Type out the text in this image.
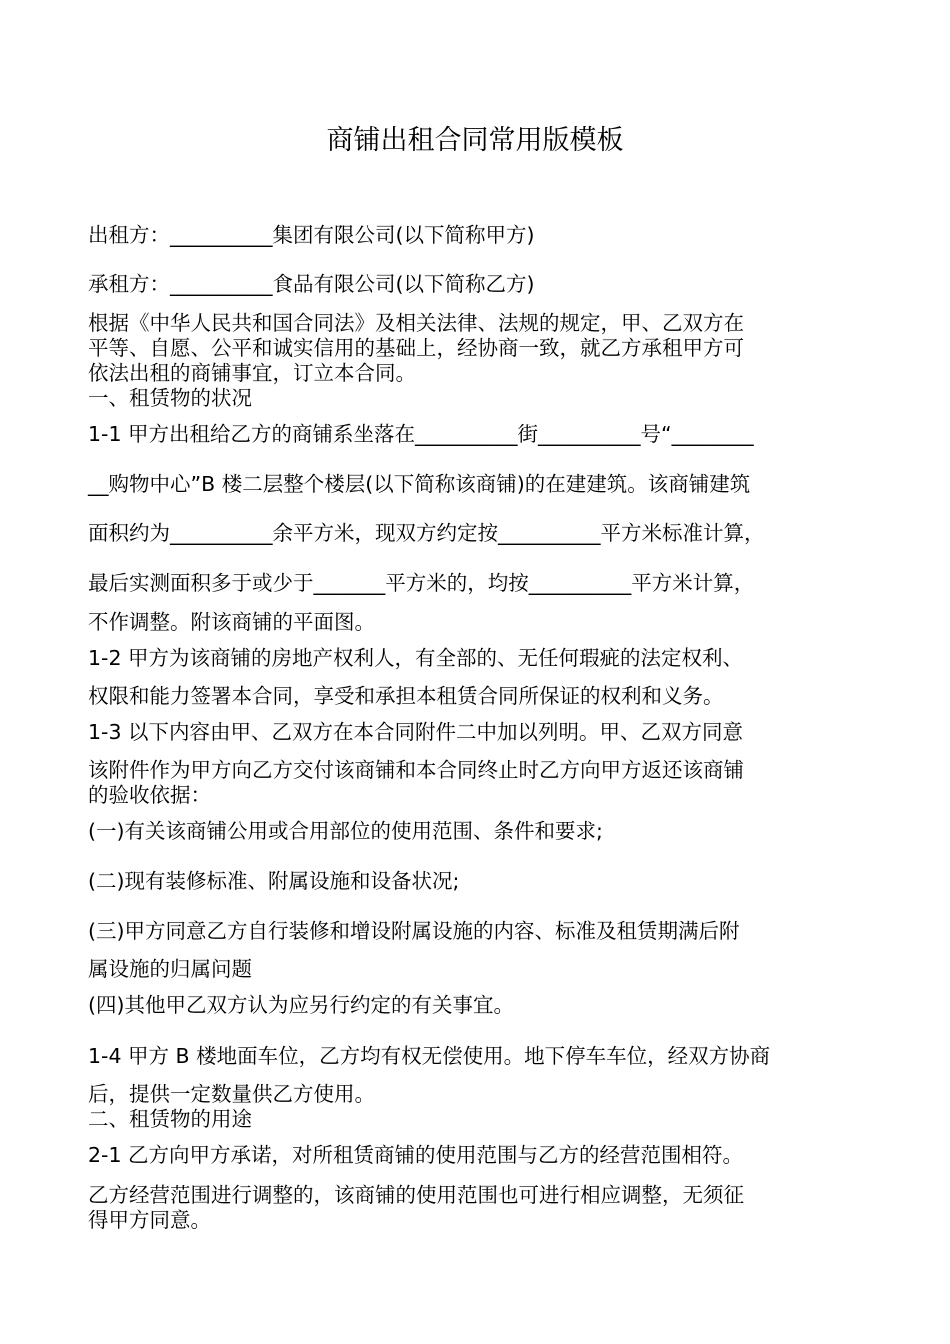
商铺出租合同常用版模板
出租方：__________集团有限公司(以下简称甲方)
承租方：__________食品有限公司(以下简称乙方)
根据《中华人民共和国合同法》及相关法律、法规的规定，甲、乙双方在
平等、自愿、公平和诚实信用的基础上，经协商一致，就乙方承租甲方可
依法出租的商铺事宜，订立本合同。
一、租赁物的状况
1-1 甲方出租给乙方的商铺系坐落在__________街__________号“________
__购物中心”B 楼二层整个楼层(以下简称该商铺)的在建建筑。该商铺建筑
面积约为__________余平方米，现双方约定按__________平方米标准计算，
最后实测面积多于或少于_______平方米的，均按__________平方米计算，
不作调整。附该商铺的平面图。
1-2 甲方为该商铺的房地产权利人，有全部的、无任何瑕疵的法定权利、
权限和能力签署本合同，享受和承担本租赁合同所保证的权利和义务。
1-3 以下内容由甲、乙双方在本合同附件二中加以列明。甲、乙双方同意
该附件作为甲方向乙方交付该商铺和本合同终止时乙方向甲方返还该商铺
的验收依据：
(一)有关该商铺公用或合用部位的使用范围、条件和要求;
(二)现有装修标准、附属设施和设备状况;
(三)甲方同意乙方自行装修和增设附属设施的内容、标准及租赁期满后附
属设施的归属问题
(四)其他甲乙双方认为应另行约定的有关事宜。
1-4 甲方 B 楼地面车位，乙方均有权无偿使用。地下停车车位，经双方协商
后，提供一定数量供乙方使用。
二、租赁物的用途
2-1 乙方向甲方承诺，对所租赁商铺的使用范围与乙方的经营范围相符。
乙方经营范围进行调整的，该商铺的使用范围也可进行相应调整，无须征
得甲方同意。
